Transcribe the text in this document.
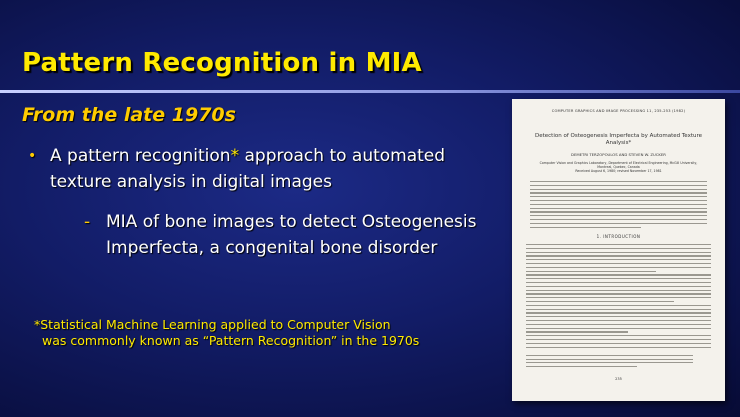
Pattern Recognition in MIA
From the late 1970s
• A pattern recognition* approach to automated texture analysis in digital images
- MIA of bone images to detect Osteogenesis Imperfecta, a congenital bone disorder
*Statistical Machine Learning applied to Computer Vision
was commonly known as “Pattern Recognition” in the 1970s
COMPUTER GRAPHICS AND IMAGE PROCESSING 11, 235-253 (1982)
Detection of Osteogenesis Imperfecta by Automated Texture Analysis*
DEMETRI TERZOPOULOS AND STEVEN W. ZUCKER
Computer Vision and Graphics Laboratory, Department of Electrical Engineering, McGill University, Montreal, Quebec, Canada
Received August 6, 1980; revised November 17, 1981
1. INTRODUCTION
235
